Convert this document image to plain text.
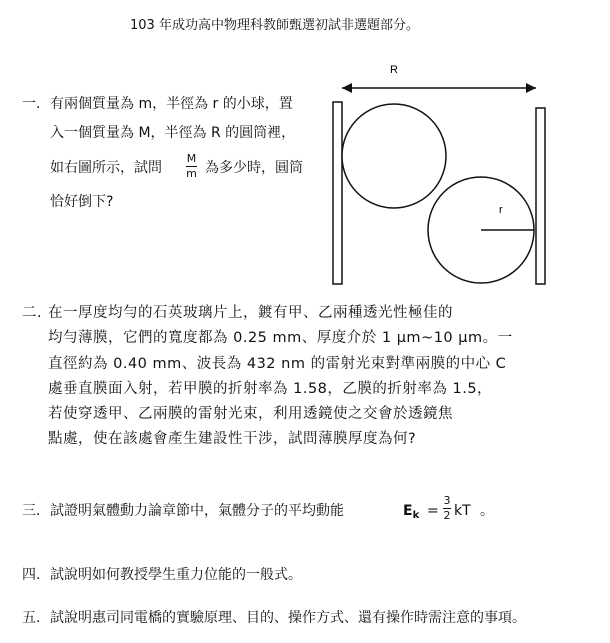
103 年成功高中物理科教師甄選初試非選題部分。
一. 有兩個質量為 m，半徑為 r 的小球，置
入一個質量為 M，半徑為 R 的圓筒裡，
如右圖所示，試問
M
m 為多少時，圓筒
恰好倒下?
R
r
二. 在一厚度均勻的石英玻璃片上，鍍有甲、乙兩種透光性極佳的
均勻薄膜，它們的寬度都為 0.25 mm、厚度介於 1 μm~10 μm。一
直徑約為 0.40 mm、波長為 432 nm 的雷射光束對準兩膜的中心 C
處垂直膜面入射，若甲膜的折射率為 1.58，乙膜的折射率為 1.5，
若使穿透甲、乙兩膜的雷射光束，利用透鏡使之交會於透鏡焦
點處，使在該處會產生建設性干涉，試問薄膜厚度為何?
三. 試證明氣體動力論章節中，氣體分子的平均動能	$E_k$ =
3
2 kT 。
四. 試說明如何教授學生重力位能的一般式。
五. 試說明惠司同電橋的實驗原理、目的、操作方式、還有操作時需注意的事項。
